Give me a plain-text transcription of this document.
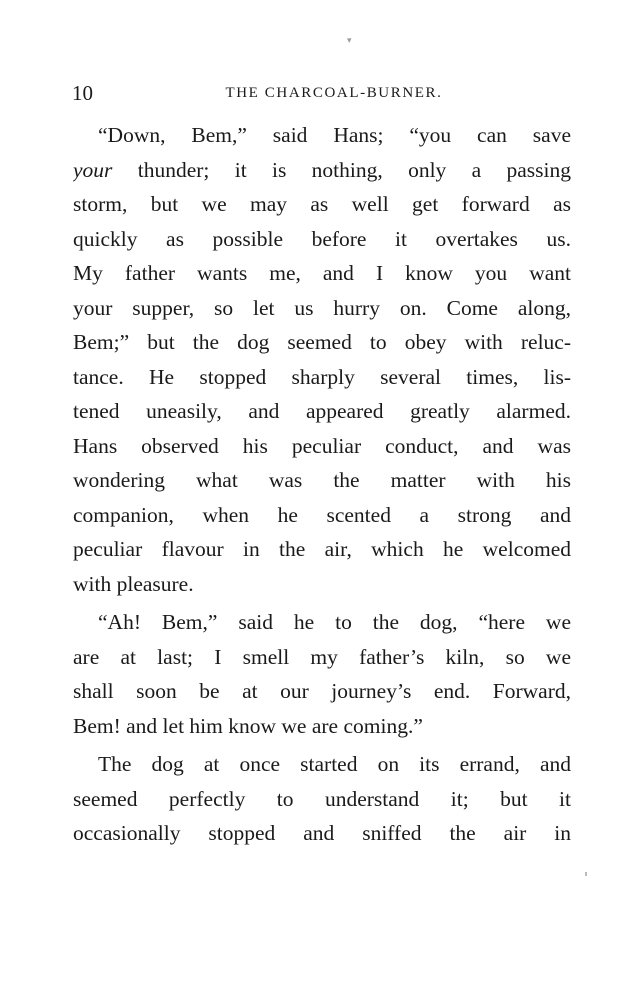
▾
10	THE CHARCOAL-BURNER.
“Down, Bem,” said Hans; “you can save
your thunder; it is nothing, only a passing
storm, but we may as well get forward as
quickly as possible before it overtakes us.
My father wants me, and I know you want
your supper, so let us hurry on. Come along,
Bem;” but the dog seemed to obey with reluc-
tance. He stopped sharply several times, lis-
tened uneasily, and appeared greatly alarmed.
Hans observed his peculiar conduct, and was
wondering what was the matter with his
companion, when he scented a strong and
peculiar flavour in the air, which he welcomed
with pleasure.
“Ah! Bem,” said he to the dog, “here we
are at last; I smell my father’s kiln, so we
shall soon be at our journey’s end. Forward,
Bem! and let him know we are coming.”
The dog at once started on its errand, and
seemed perfectly to understand it; but it
occasionally stopped and sniffed the air in
